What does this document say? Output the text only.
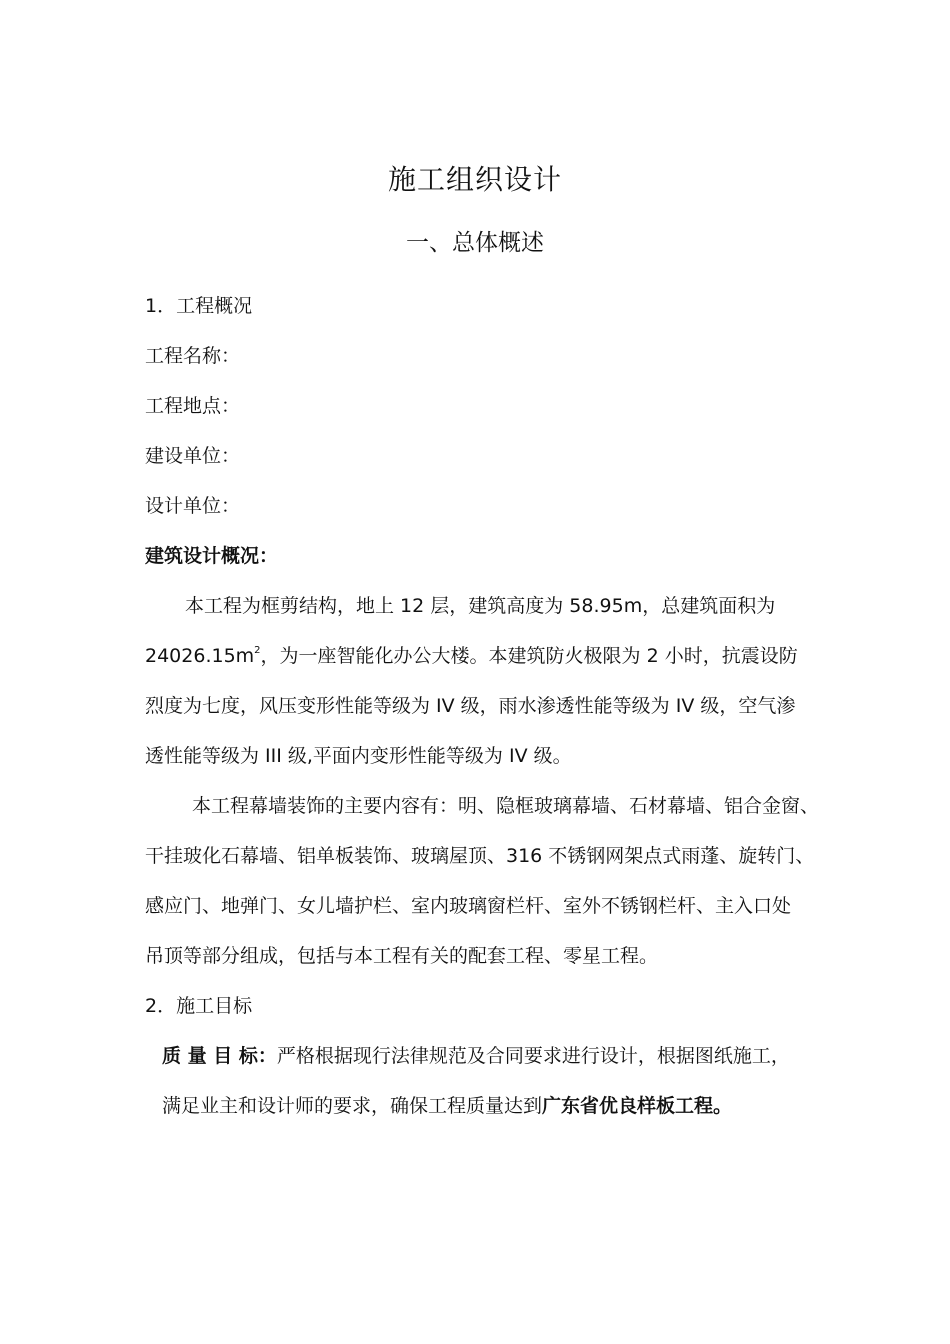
施工组织设计
一、总体概述
1．工程概况
工程名称：
工程地点：
建设单位：
设计单位：
建筑设计概况：
本工程为框剪结构，地上 12 层，建筑高度为 58.95m，总建筑面积为
$24026.15m^2$，为一座智能化办公大楼。本建筑防火极限为 2 小时，抗震设防
烈度为七度，风压变形性能等级为 IV 级，雨水渗透性能等级为 IV 级，空气渗
透性能等级为 III 级,平面内变形性能等级为 IV 级。
本工程幕墙装饰的主要内容有：明、隐框玻璃幕墙、石材幕墙、铝合金窗、
干挂玻化石幕墙、铝单板装饰、玻璃屋顶、316 不锈钢网架点式雨蓬、旋转门、
感应门、地弹门、女儿墙护栏、室内玻璃窗栏杆、室外不锈钢栏杆、主入口处
吊顶等部分组成，包括与本工程有关的配套工程、零星工程。
2．施工目标
质 量 目 标：严格根据现行法律规范及合同要求进行设计，根据图纸施工，
满足业主和设计师的要求，确保工程质量达到广东省优良样板工程。
